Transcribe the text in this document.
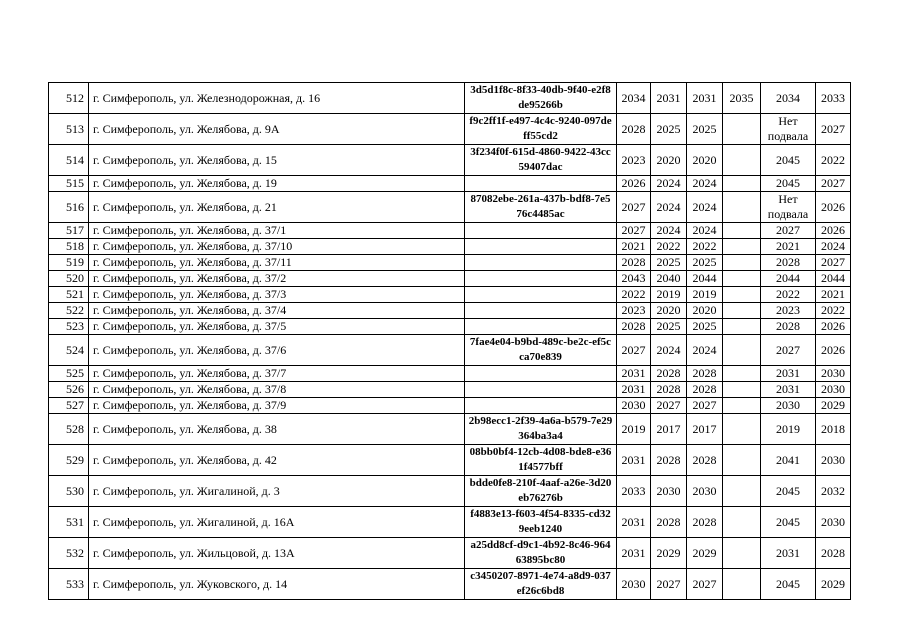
512	г. Симферополь, ул. Железнодорожная, д. 16	3d5d1f8c-8f33-40db-9f40-e2f8de95266b	2034	2031	2031	2035	2034	2033
513	г. Симферополь, ул. Желябова, д. 9А	f9c2ff1f-e497-4c4c-9240-097deff55cd2	2028	2025	2025		Нет подвала	2027
514	г. Симферополь, ул. Желябова, д. 15	3f234f0f-615d-4860-9422-43cc59407dac	2023	2020	2020		2045	2022
515	г. Симферополь, ул. Желябова, д. 19		2026	2024	2024		2045	2027
516	г. Симферополь, ул. Желябова, д. 21	87082ebe-261a-437b-bdf8-7e576c4485ac	2027	2024	2024		Нет подвала	2026
517	г. Симферополь, ул. Желябова, д. 37/1		2027	2024	2024		2027	2026
518	г. Симферополь, ул. Желябова, д. 37/10		2021	2022	2022		2021	2024
519	г. Симферополь, ул. Желябова, д. 37/11		2028	2025	2025		2028	2027
520	г. Симферополь, ул. Желябова, д. 37/2		2043	2040	2044		2044	2044
521	г. Симферополь, ул. Желябова, д. 37/3		2022	2019	2019		2022	2021
522	г. Симферополь, ул. Желябова, д. 37/4		2023	2020	2020		2023	2022
523	г. Симферополь, ул. Желябова, д. 37/5		2028	2025	2025		2028	2026
524	г. Симферополь, ул. Желябова, д. 37/6	7fae4e04-b9bd-489c-be2c-ef5cca70e839	2027	2024	2024		2027	2026
525	г. Симферополь, ул. Желябова, д. 37/7		2031	2028	2028		2031	2030
526	г. Симферополь, ул. Желябова, д. 37/8		2031	2028	2028		2031	2030
527	г. Симферополь, ул. Желябова, д. 37/9		2030	2027	2027		2030	2029
528	г. Симферополь, ул. Желябова, д. 38	2b98ecc1-2f39-4a6a-b579-7e29364ba3a4	2019	2017	2017		2019	2018
529	г. Симферополь, ул. Желябова, д. 42	08bb0bf4-12cb-4d08-bde8-e361f4577bff	2031	2028	2028		2041	2030
530	г. Симферополь, ул. Жигалиной, д. 3	bdde0fe8-210f-4aaf-a26e-3d20eb76276b	2033	2030	2030		2045	2032
531	г. Симферополь, ул. Жигалиной, д. 16А	f4883e13-f603-4f54-8335-cd329eeb1240	2031	2028	2028		2045	2030
532	г. Симферополь, ул. Жильцовой, д. 13А	a25dd8cf-d9c1-4b92-8c46-96463895bc80	2031	2029	2029		2031	2028
533	г. Симферополь, ул. Жуковского, д. 14	c3450207-8971-4e74-a8d9-037ef26c6bd8	2030	2027	2027		2045	2029
